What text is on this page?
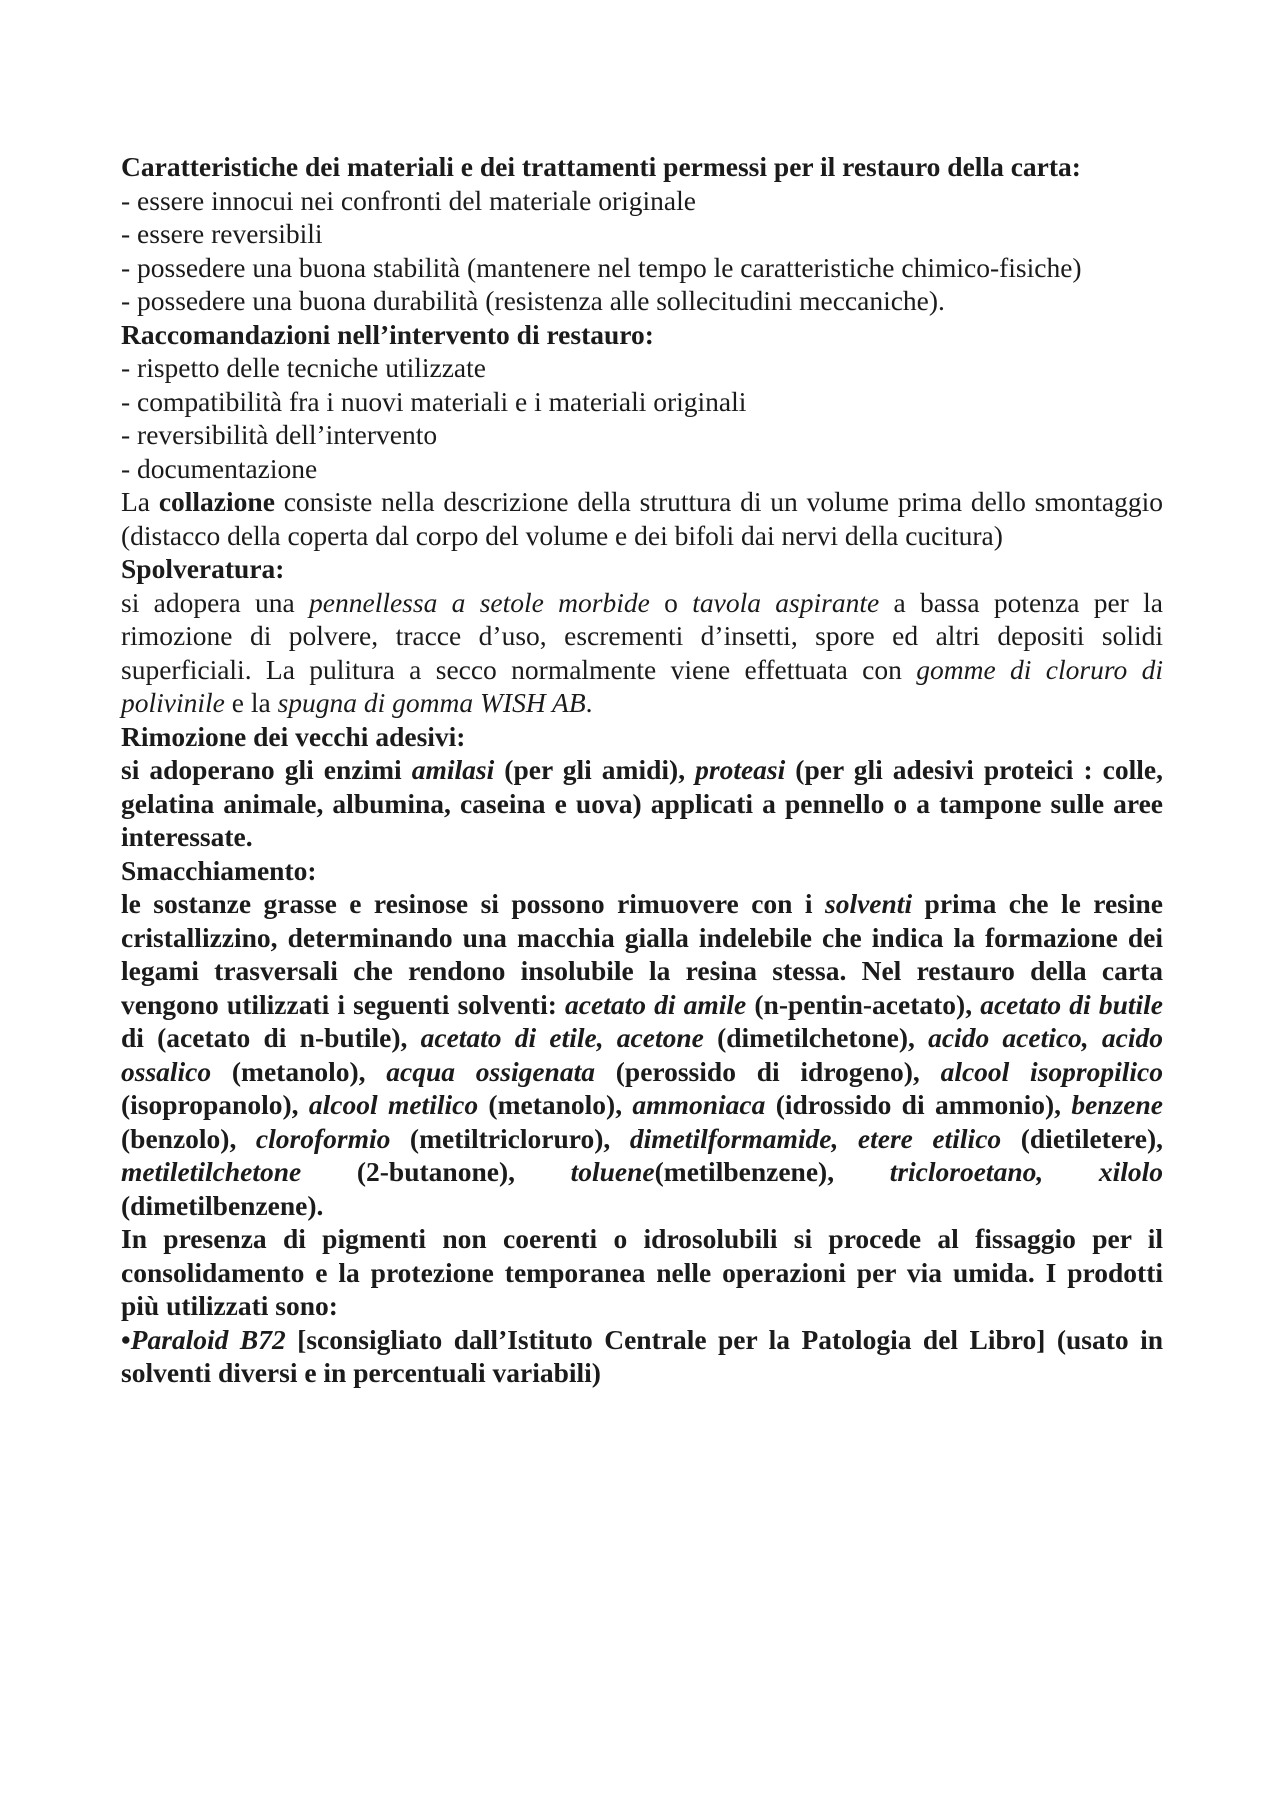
Caratteristiche dei materiali e dei trattamenti permessi per il restauro della carta:

- essere innocui nei confronti del materiale originale

- essere reversibili

- possedere una buona stabilità (mantenere nel tempo le caratteristiche chimico-fisiche)

- possedere una buona durabilità (resistenza alle sollecitudini meccaniche).

Raccomandazioni nell’intervento di restauro:

- rispetto delle tecniche utilizzate

- compatibilità fra i nuovi materiali e i materiali originali

- reversibilità dell’intervento

- documentazione

La collazione consiste nella descrizione della struttura di un volume prima dello smontaggio (distacco della coperta dal corpo del volume e dei bifoli dai nervi della cucitura)

Spolveratura:

si adopera una pennellessa a setole morbide o tavola aspirante a bassa potenza per la rimozione di polvere, tracce d’uso, escrementi d’insetti, spore ed altri depositi solidi superficiali. La pulitura a secco normalmente viene effettuata con gomme di cloruro di polivinile e la spugna di gomma WISH AB.

Rimozione dei vecchi adesivi:

si adoperano gli enzimi amilasi (per gli amidi), proteasi (per gli adesivi proteici : colle, gelatina animale, albumina, caseina e uova) applicati a pennello o a tampone sulle aree interessate.

Smacchiamento:

le sostanze grasse e resinose si possono rimuovere con i solventi prima che le resine cristallizzino, determinando una macchia gialla indelebile che indica la formazione dei legami trasversali che rendono insolubile la resina stessa. Nel restauro della carta vengono utilizzati i seguenti solventi: acetato di amile (n-pentin-acetato), acetato di butile di (acetato di n-butile), acetato di etile, acetone (dimetilchetone), acido acetico, acido ossalico (metanolo), acqua ossigenata (perossido di idrogeno), alcool isopropilico (isopropanolo), alcool metilico (metanolo), ammoniaca (idrossido di ammonio), benzene (benzolo), cloroformio (metiltricloruro), dimetilformamide, etere etilico (dietiletere), metiletilchetone (2-butanone), toluene(metilbenzene), tricloroetano, xilolo (dimetilbenzene).

In presenza di pigmenti non coerenti o idrosolubili si procede al fissaggio per il consolidamento e la protezione temporanea nelle operazioni per via umida. I prodotti più utilizzati sono:

•Paraloid B72 [sconsigliato dall’Istituto Centrale per la Patologia del Libro] (usato in solventi diversi e in percentuali variabili)
